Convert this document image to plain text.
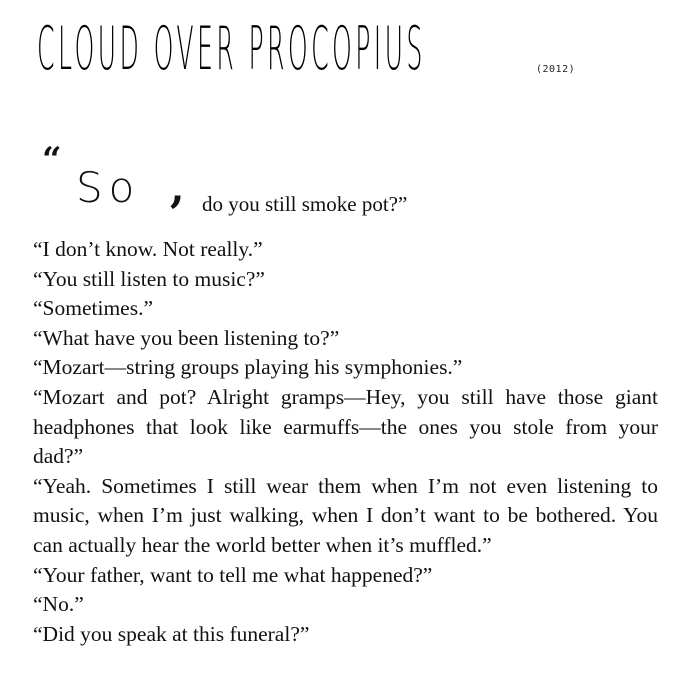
CLOUD OVER PROCOPIUS	(2012)
“
So , do you still smoke pot?”

“I don’t know. Not really.”

“You still listen to music?”

“Sometimes.”

“What have you been listening to?”

“Mozart—string groups playing his symphonies.”

“Mozart and pot? Alright gramps—Hey, you still have those giant headphones that look like earmuffs—the ones you stole from your dad?”

“Yeah. Sometimes I still wear them when I’m not even listening to music, when I’m just walking, when I don’t want to be bothered. You can actually hear the world better when it’s muffled.”

“Your father, want to tell me what happened?”

“No.”

“Did you speak at this funeral?”
